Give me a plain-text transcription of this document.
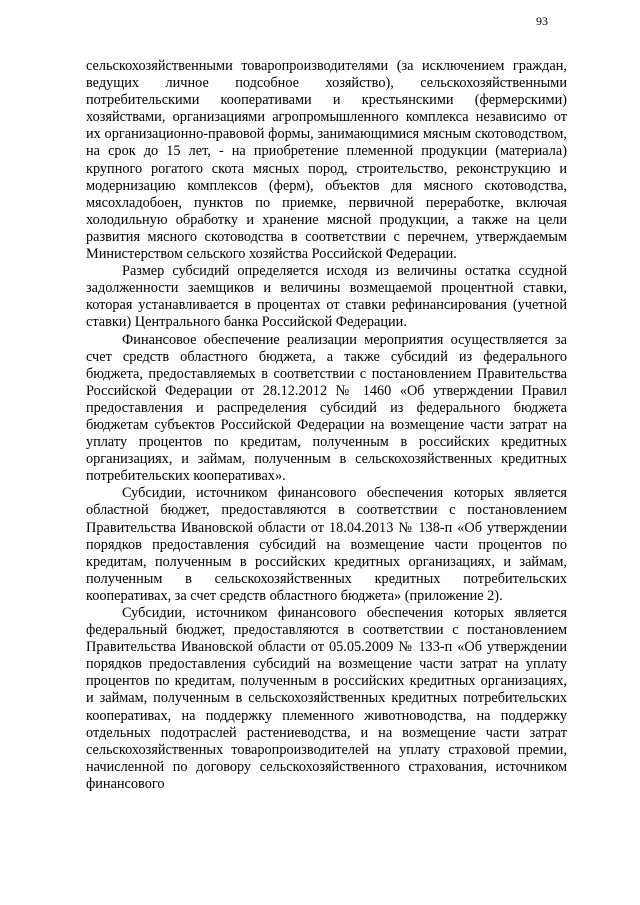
93

сельскохозяйственными товаропроизводителями (за исключением граждан, ведущих личное подсобное хозяйство), сельскохозяйственными потребительскими кооперативами и крестьянскими (фермерскими) хозяйствами, организациями агропромышленного комплекса независимо от их организационно-правовой формы, занимающимися мясным скотоводством, на срок до 15 лет, - на приобретение племенной продукции (материала) крупного рогатого скота мясных пород, строительство, реконструкцию и модернизацию комплексов (ферм), объектов для мясного скотоводства, мясохладобоен, пунктов по приемке, первичной переработке, включая холодильную обработку и хранение мясной продукции, а также на цели развития мясного скотоводства в соответствии с перечнем, утверждаемым Министерством сельского хозяйства Российской Федерации.

Размер субсидий определяется исходя из величины остатка ссудной задолженности заемщиков и величины возмещаемой процентной ставки, которая устанавливается в процентах от ставки рефинансирования (учетной ставки) Центрального банка Российской Федерации.

Финансовое обеспечение реализации мероприятия осуществляется за счет средств областного бюджета, а также субсидий из федерального бюджета, предоставляемых в соответствии с постановлением Правительства Российской Федерации от 28.12.2012 № 1460 «Об утверждении Правил предоставления и распределения субсидий из федерального бюджета бюджетам субъектов Российской Федерации на возмещение части затрат на уплату процентов по кредитам, полученным в российских кредитных организациях, и займам, полученным в сельскохозяйственных кредитных потребительских кооперативах».

Субсидии, источником финансового обеспечения которых является областной бюджет, предоставляются в соответствии с постановлением Правительства Ивановской области от 18.04.2013 № 138-п «Об утверждении порядков предоставления субсидий на возмещение части процентов по кредитам, полученным в российских кредитных организациях, и займам, полученным в сельскохозяйственных кредитных потребительских кооперативах, за счет средств областного бюджета» (приложение 2).

Субсидии, источником финансового обеспечения которых является федеральный бюджет, предоставляются в соответствии с постановлением Правительства Ивановской области от 05.05.2009 № 133-п «Об утверждении порядков предоставления субсидий на возмещение части затрат на уплату процентов по кредитам, полученным в российских кредитных организациях, и займам, полученным в сельскохозяйственных кредитных потребительских кооперативах, на поддержку племенного животноводства, на поддержку отдельных подотраслей растениеводства, и на возмещение части затрат сельскохозяйственных товаропроизводителей на уплату страховой премии, начисленной по договору сельскохозяйственного страхования, источником финансового
